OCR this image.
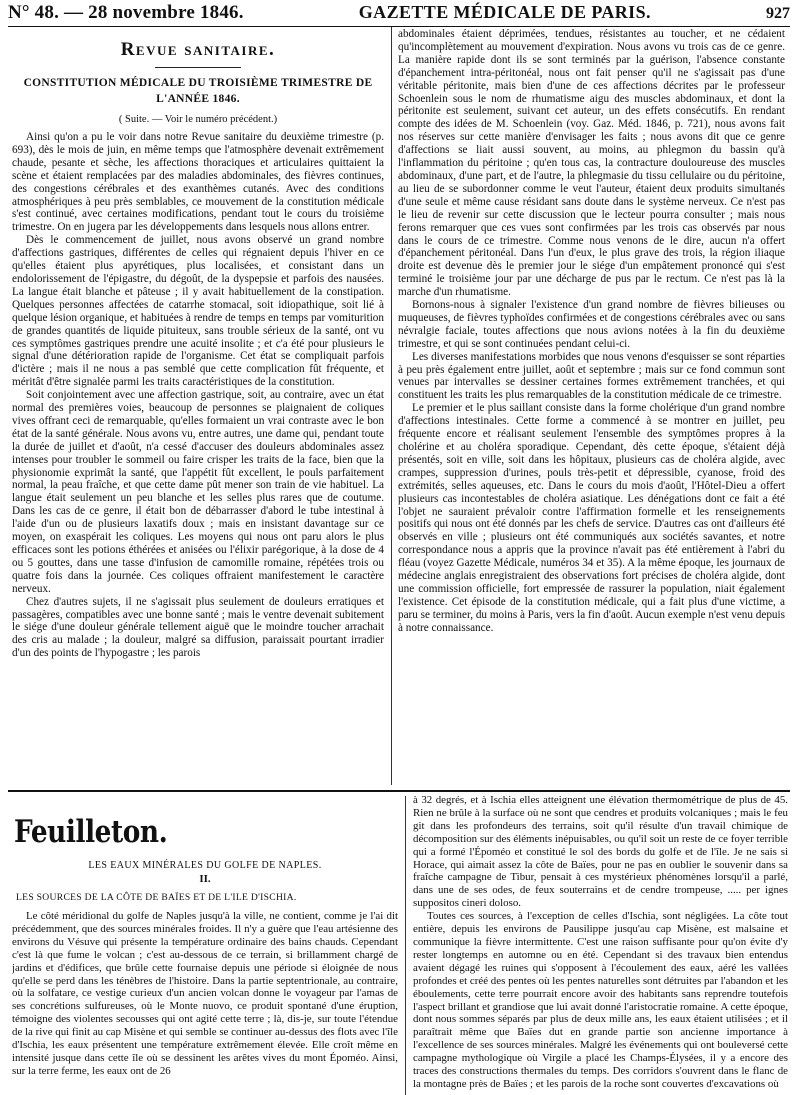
N° 48. — 28 novembre 1846.	GAZETTE MÉDICALE DE PARIS.	927
Revue sanitaire.
CONSTITUTION MÉDICALE DU TROISIÈME TRIMESTRE DE
L'ANNÉE 1846.
( Suite. — Voir le numéro précédent.)

Ainsi qu'on a pu le voir dans notre Revue sanitaire du deuxième trimestre (p. 693), dès le mois de juin, en même temps que l'atmosphère devenait extrêmement chaude, pesante et sèche, les affections thoraciques et articulaires quittaient la scène et étaient remplacées par des maladies abdominales, des fièvres continues, des congestions cérébrales et des exanthèmes cutanés. Avec des conditions atmosphériques à peu près semblables, ce mouvement de la constitution médicale s'est continué, avec certaines modifications, pendant tout le cours du troisième trimestre. On en jugera par les développements dans lesquels nous allons entrer.

Dès le commencement de juillet, nous avons observé un grand nombre d'affections gastriques, différentes de celles qui régnaient depuis l'hiver en ce qu'elles étaient plus apyrétiques, plus localisées, et consistant dans un endolorissement de l'épigastre, du dégoût, de la dyspepsie et parfois des nausées. La langue était blanche et pâteuse ; il y avait habituellement de la constipation. Quelques personnes affectées de catarrhe stomacal, soit idiopathique, soit lié à quelque lésion organique, et habituées à rendre de temps en temps par vomiturition de grandes quantités de liquide pituiteux, sans trouble sérieux de la santé, ont vu ces symptômes gastriques prendre une acuité insolite ; et c'a été pour plusieurs le signal d'une détérioration rapide de l'organisme. Cet état se compliquait parfois d'ictère ; mais il ne nous a pas semblé que cette complication fût fréquente, et méritât d'être signalée parmi les traits caractéristiques de la constitution.

Soit conjointement avec une affection gastrique, soit, au contraire, avec un état normal des premières voies, beaucoup de personnes se plaignaient de coliques vives offrant ceci de remarquable, qu'elles formaient un vrai contraste avec le bon état de la santé générale. Nous avons vu, entre autres, une dame qui, pendant toute la durée de juillet et d'août, n'a cessé d'accuser des douleurs abdominales assez intenses pour troubler le sommeil ou faire crisper les traits de la face, bien que la physionomie exprimât la santé, que l'appétit fût excellent, le pouls parfaitement normal, la peau fraîche, et que cette dame pût mener son train de vie habituel. La langue était seulement un peu blanche et les selles plus rares que de coutume. Dans les cas de ce genre, il était bon de débarrasser d'abord le tube intestinal à l'aide d'un ou de plusieurs laxatifs doux ; mais en insistant davantage sur ce moyen, on exaspérait les coliques. Les moyens qui nous ont paru alors le plus efficaces sont les potions éthérées et anisées ou l'élixir parégorique, à la dose de 4 ou 5 gouttes, dans une tasse d'infusion de camomille romaine, répétées trois ou quatre fois dans la journée. Ces coliques offraient manifestement le caractère nerveux.

Chez d'autres sujets, il ne s'agissait plus seulement de douleurs erratiques et passagères, compatibles avec une bonne santé ; mais le ventre devenait subitement le siége d'une douleur générale tellement aiguë que le moindre toucher arrachait des cris au malade ; la douleur, malgré sa diffusion, paraissait pourtant irradier d'un des points de l'hypogastre ; les parois

abdominales étaient déprimées, tendues, résistantes au toucher, et ne cédaient qu'incomplètement au mouvement d'expiration. Nous avons vu trois cas de ce genre. La manière rapide dont ils se sont terminés par la guérison, l'absence constante d'épanchement intra-péritonéal, nous ont fait penser qu'il ne s'agissait pas d'une véritable péritonite, mais bien d'une de ces affections décrites par le professeur Schoenlein sous le nom de rhumatisme aigu des muscles abdominaux, et dont la péritonite est seulement, suivant cet auteur, un des effets consécutifs. En rendant compte des idées de M. Schoenlein (voy. Gaz. Méd. 1846, p. 721), nous avons fait nos réserves sur cette manière d'envisager les faits ; nous avons dit que ce genre d'affections se liait aussi souvent, au moins, au phlegmon du bassin qu'à l'inflammation du péritoine ; qu'en tous cas, la contracture douloureuse des muscles abdominaux, d'une part, et de l'autre, la phlegmasie du tissu cellulaire ou du péritoine, au lieu de se subordonner comme le veut l'auteur, étaient deux produits simultanés d'une seule et même cause résidant sans doute dans le système nerveux. Ce n'est pas le lieu de revenir sur cette discussion que le lecteur pourra consulter ; mais nous ferons remarquer que ces vues sont confirmées par les trois cas observés par nous dans le cours de ce trimestre. Comme nous venons de le dire, aucun n'a offert d'épanchement péritonéal. Dans l'un d'eux, le plus grave des trois, la région iliaque droite est devenue dès le premier jour le siége d'un empâtement prononcé qui s'est terminé le troisième jour par une décharge de pus par le rectum. Ce n'est pas là la marche d'un rhumatisme.

Bornons-nous à signaler l'existence d'un grand nombre de fièvres bilieuses ou muqueuses, de fièvres typhoïdes confirmées et de congestions cérébrales avec ou sans névralgie faciale, toutes affections que nous avions notées à la fin du deuxième trimestre, et qui se sont continuées pendant celui-ci.

Les diverses manifestations morbides que nous venons d'esquisser se sont réparties à peu près également entre juillet, août et septembre ; mais sur ce fond commun sont venues par intervalles se dessiner certaines formes extrêmement tranchées, et qui constituent les traits les plus remarquables de la constitution médicale de ce trimestre.

Le premier et le plus saillant consiste dans la forme cholérique d'un grand nombre d'affections intestinales. Cette forme a commencé à se montrer en juillet, peu fréquente encore et réalisant seulement l'ensemble des symptômes propres à la cholérine et au choléra sporadique. Cependant, dès cette époque, s'étaient déjà présentés, soit en ville, soit dans les hôpitaux, plusieurs cas de choléra algide, avec crampes, suppression d'urines, pouls très-petit et dépressible, cyanose, froid des extrémités, selles aqueuses, etc. Dans le cours du mois d'août, l'Hôtel-Dieu a offert plusieurs cas incontestables de choléra asiatique. Les dénégations dont ce fait a été l'objet ne sauraient prévaloir contre l'affirmation formelle et les renseignements positifs qui nous ont été donnés par les chefs de service. D'autres cas ont d'ailleurs été observés en ville ; plusieurs ont été communiqués aux sociétés savantes, et notre correspondance nous a appris que la province n'avait pas été entièrement à l'abri du fléau (voyez Gazette Médicale, numéros 34 et 35). A la même époque, les journaux de médecine anglais enregistraient des observations fort précises de choléra algide, dont une commission officielle, fort empressée de rassurer la population, niait également l'existence. Cet épisode de la constitution médicale, qui a fait plus d'une victime, a paru se terminer, du moins à Paris, vers la fin d'août. Aucun exemple n'est venu depuis à notre connaissance.

Feuilleton.
LES EAUX MINÉRALES DU GOLFE DE NAPLES.
II.
LES SOURCES DE LA CÔTE DE BAÏES ET DE L'ILE D'ISCHIA.

Le côté méridional du golfe de Naples jusqu'à la ville, ne contient, comme je l'ai dit précédemment, que des sources minérales froides. Il n'y a guère que l'eau artésienne des environs du Vésuve qui présente la température ordinaire des bains chauds. Cependant c'est là que fume le volcan ; c'est au-dessous de ce terrain, si brillamment chargé de jardins et d'édifices, que brûle cette fournaise depuis une période si éloignée de nous qu'elle se perd dans les ténèbres de l'histoire. Dans la partie septentrionale, au contraire, où la solfatare, ce vestige curieux d'un ancien volcan donne le voyageur par l'amas de ses concrétions sulfureuses, où le Monte nuovo, ce produit spontané d'une éruption, témoigne des violentes secousses qui ont agité cette terre ; là, dis-je, sur toute l'étendue de la rive qui finit au cap Misène et qui semble se continuer au-dessus des flots avec l'île d'Ischia, les eaux présentent une température extrêmement élevée. Elle croît même en intensité jusque dans cette île où se dessinent les arêtes vives du mont Époméo. Ainsi, sur la terre ferme, les eaux ont de 26

à 32 degrés, et à Ischia elles atteignent une élévation thermométrique de plus de 45. Rien ne brûle à la surface où ne sont que cendres et produits volcaniques ; mais le feu git dans les profondeurs des terrains, soit qu'il résulte d'un travail chimique de décomposition sur des éléments inépuisables, ou qu'il soit un reste de ce foyer terrible qui a formé l'Époméo et constitué le sol des bords du golfe et de l'île. Je ne sais si Horace, qui aimait assez la côte de Baïes, pour ne pas en oublier le souvenir dans sa fraîche campagne de Tibur, pensait à ces mystérieux phénomènes lorsqu'il a parlé, dans une de ses odes, de feux souterrains et de cendre trompeuse, ..... per ignes suppositos cineri doloso.

Toutes ces sources, à l'exception de celles d'Ischia, sont négligées. La côte tout entière, depuis les environs de Pausilippe jusqu'au cap Misène, est malsaine et communique la fièvre intermittente. C'est une raison suffisante pour qu'on évite d'y rester longtemps en automne ou en été. Cependant si des travaux bien entendus avaient dégagé les ruines qui s'opposent à l'écoulement des eaux, aéré les vallées profondes et créé des pentes où les pentes naturelles sont détruites par l'abandon et les éboulements, cette terre pourrait encore avoir des habitants sans reprendre toutefois l'aspect brillant et grandiose que lui avait donné l'aristocratie romaine. A cette époque, dont nous sommes séparés par plus de deux mille ans, les eaux étaient utilisées ; et il paraîtrait même que Baïes dut en grande partie son ancienne importance à l'excellence de ses sources minérales. Malgré les événements qui ont bouleversé cette campagne mythologique où Virgile a placé les Champs-Élysées, il y a encore des traces des constructions thermales du temps. Des corridors s'ouvrent dans le flanc de la montagne près de Baïes ; et les parois de la roche sont couvertes d'excavations où
